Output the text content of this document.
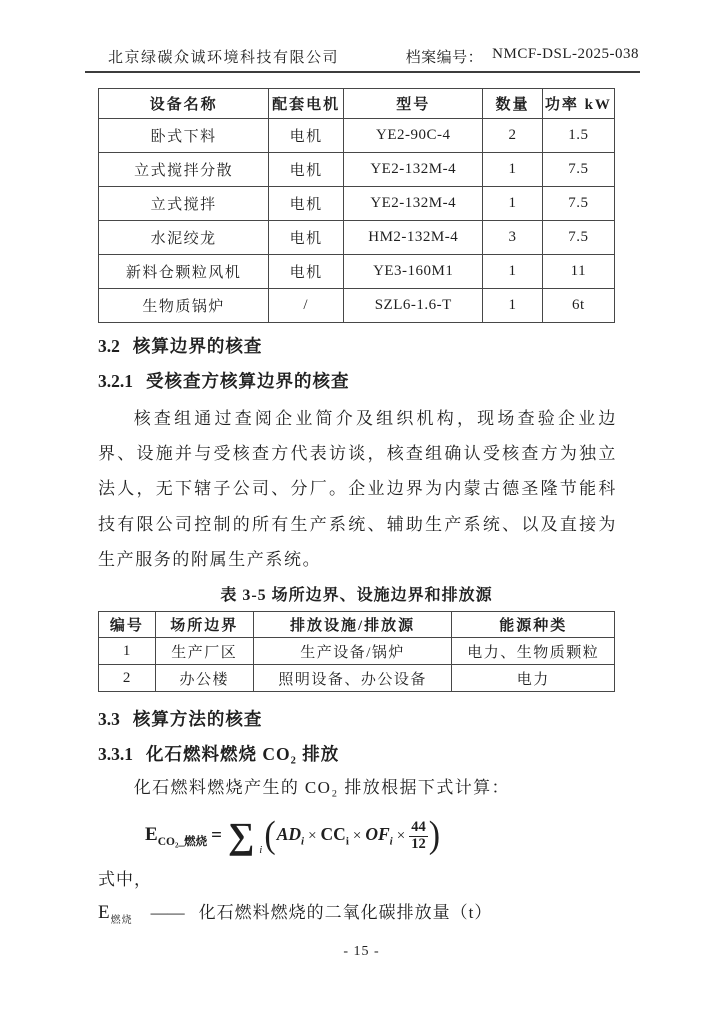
北京绿碳众诚环境科技有限公司	档案编号： NMCF-DSL-2025-038
设备名称	配套电机	型号	数量	功率 kW
卧式下料	电机	YE2-90C-4	2	1.5
立式搅拌分散	电机	YE2-132M-4	1	7.5
立式搅拌	电机	YE2-132M-4	1	7.5
水泥绞龙	电机	HM2-132M-4	3	7.5
新料仓颗粒风机	电机	YE3-160M1	1	11
生物质锅炉	/	SZL6-1.6-T	1	6t
3.2 核算边界的核查
3.2.1 受核查方核算边界的核查

核查组通过查阅企业简介及组织机构，现场查验企业边界、设施并与受核查方代表访谈，核查组确认受核查方为独立法人，无下辖子公司、分厂。企业边界为内蒙古德圣隆节能科技有限公司控制的所有生产系统、辅助生产系统、以及直接为生产服务的附属生产系统。

表 3-5 场所边界、设施边界和排放源
编号	场所边界	排放设施/排放源	能源种类
1	生产厂区	生产设备/锅炉	电力、生物质颗粒
2	办公楼	照明设备、办公设备	电力
3.3 核算方法的核查
3.3.1 化石燃料燃烧 CO₂ 排放
化石燃料燃烧产生的 CO₂ 排放根据下式计算：
$E_{CO_2\_燃烧}$ = ∑ i ( $AD_i \times CC_i \times OF_i \times \frac{44}{12}$ )
式中，
$E_{燃烧}$ —— 化石燃料燃烧的二氧化碳排放量（t）
- 15 -
